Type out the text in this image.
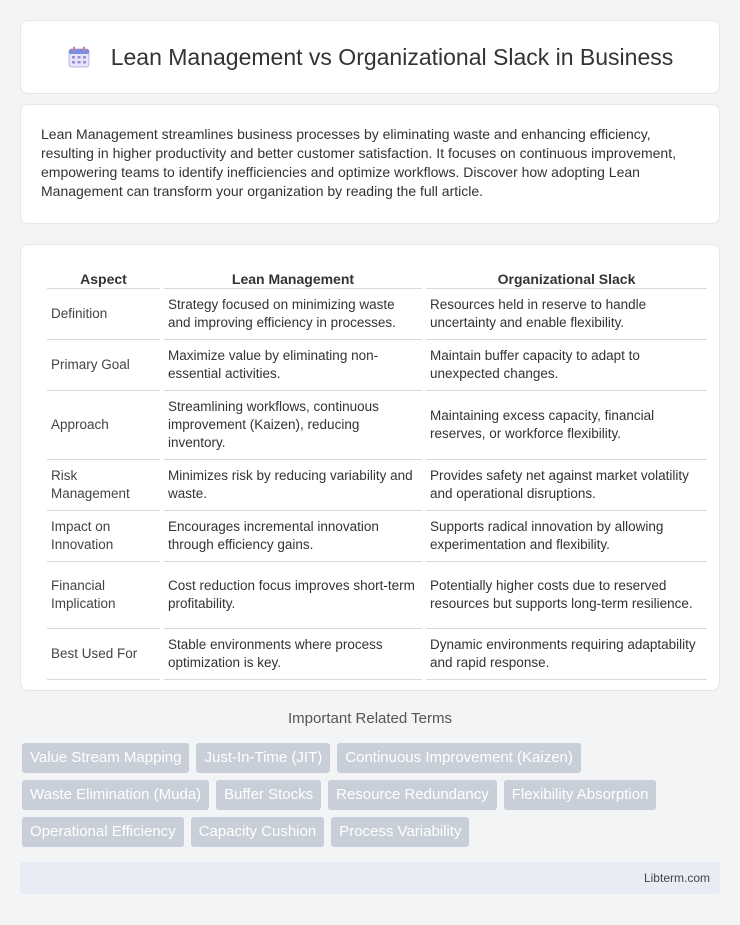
Lean Management vs Organizational Slack in Business

Lean Management streamlines business processes by eliminating waste and enhancing efficiency, resulting in higher productivity and better customer satisfaction. It focuses on continuous improvement, empowering teams to identify inefficiencies and optimize workflows. Discover how adopting Lean Management can transform your organization by reading the full article.

Aspect	Lean Management	Organizational Slack
Definition	Strategy focused on minimizing waste and improving efficiency in processes.	Resources held in reserve to handle uncertainty and enable flexibility.
Primary Goal	Maximize value by eliminating non-essential activities.	Maintain buffer capacity to adapt to unexpected changes.
Approach	Streamlining workflows, continuous improvement (Kaizen), reducing inventory.	Maintaining excess capacity, financial reserves, or workforce flexibility.
Risk Management	Minimizes risk by reducing variability and waste.	Provides safety net against market volatility and operational disruptions.
Impact on Innovation	Encourages incremental innovation through efficiency gains.	Supports radical innovation by allowing experimentation and flexibility.
Financial Implication	Cost reduction focus improves short-term profitability.	Potentially higher costs due to reserved resources but supports long-term resilience.
Best Used For	Stable environments where process optimization is key.	Dynamic environments requiring adaptability and rapid response.
Important Related Terms
Value Stream Mapping	Just-In-Time (JIT)	Continuous Improvement (Kaizen)
Waste Elimination (Muda)	Buffer Stocks	Resource Redundancy	Flexibility Absorption
Operational Efficiency	Capacity Cushion	Process Variability
Libterm.com
